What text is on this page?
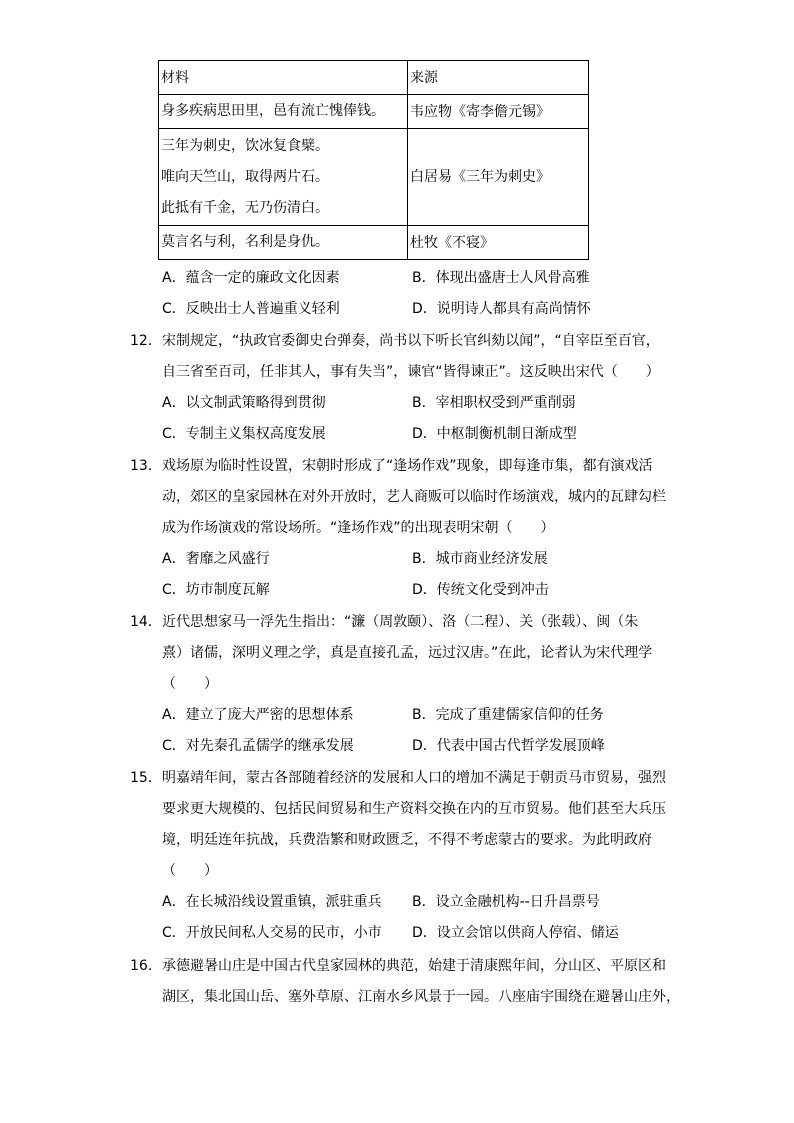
材料	来源

身多疾病思田里，邑有流亡愧俸钱。	韦应物《寄李儋元锡》

三年为刺史，饮冰复食檗。
唯向天竺山，取得两片石。
此抵有千金，无乃伤清白。	白居易《三年为刺史》

莫言名与利，名利是身仇。	杜牧《不寝》
A．蕴含一定的廉政文化因素	B．体现出盛唐士人风骨高雅
C．反映出士人普遍重义轻利	D．说明诗人都具有高尚情怀
12． 宋制规定，“执政官委御史台弹奏，尚书以下听长官纠劾以闻”，“自宰臣至百官，
自三省至百司，任非其人，事有失当”，谏官“皆得谏正”。这反映出宋代（　　）
A．以文制武策略得到贯彻	B．宰相职权受到严重削弱
C．专制主义集权高度发展	D．中枢制衡机制日渐成型
13． 戏场原为临时性设置，宋朝时形成了“逢场作戏”现象，即每逢市集，都有演戏活
动，郊区的皇家园林在对外开放时，艺人商贩可以临时作场演戏，城内的瓦肆勾栏
成为作场演戏的常设场所。“逢场作戏”的出现表明宋朝（　　）
A．奢靡之风盛行	B．城市商业经济发展
C．坊市制度瓦解	D．传统文化受到冲击
14． 近代思想家马一浮先生指出：“濂（周敦颐）、洛（二程）、关（张载）、闽（朱
熹）诸儒，深明义理之学，真是直接孔孟，远过汉唐。”在此，论者认为宋代理学
（　　）
A．建立了庞大严密的思想体系	B．完成了重建儒家信仰的任务
C．对先秦孔孟儒学的继承发展	D．代表中国古代哲学发展顶峰
15． 明嘉靖年间，蒙古各部随着经济的发展和人口的增加不满足于朝贡马市贸易，强烈
要求更大规模的、包括民间贸易和生产资料交换在内的互市贸易。他们甚至大兵压
境，明廷连年抗战，兵费浩繁和财政匮乏，不得不考虑蒙古的要求。为此明政府
（　　）
A．在长城沿线设置重镇，派驻重兵 B．设立金融机构--日升昌票号
C．开放民间私人交易的民市，小市 D．设立会馆以供商人停宿、储运
16． 承德避暑山庄是中国古代皇家园林的典范，始建于清康熙年间，分山区、平原区和
湖区，集北国山岳、塞外草原、江南水乡风景于一园。八座庙宇围绕在避暑山庄外，
